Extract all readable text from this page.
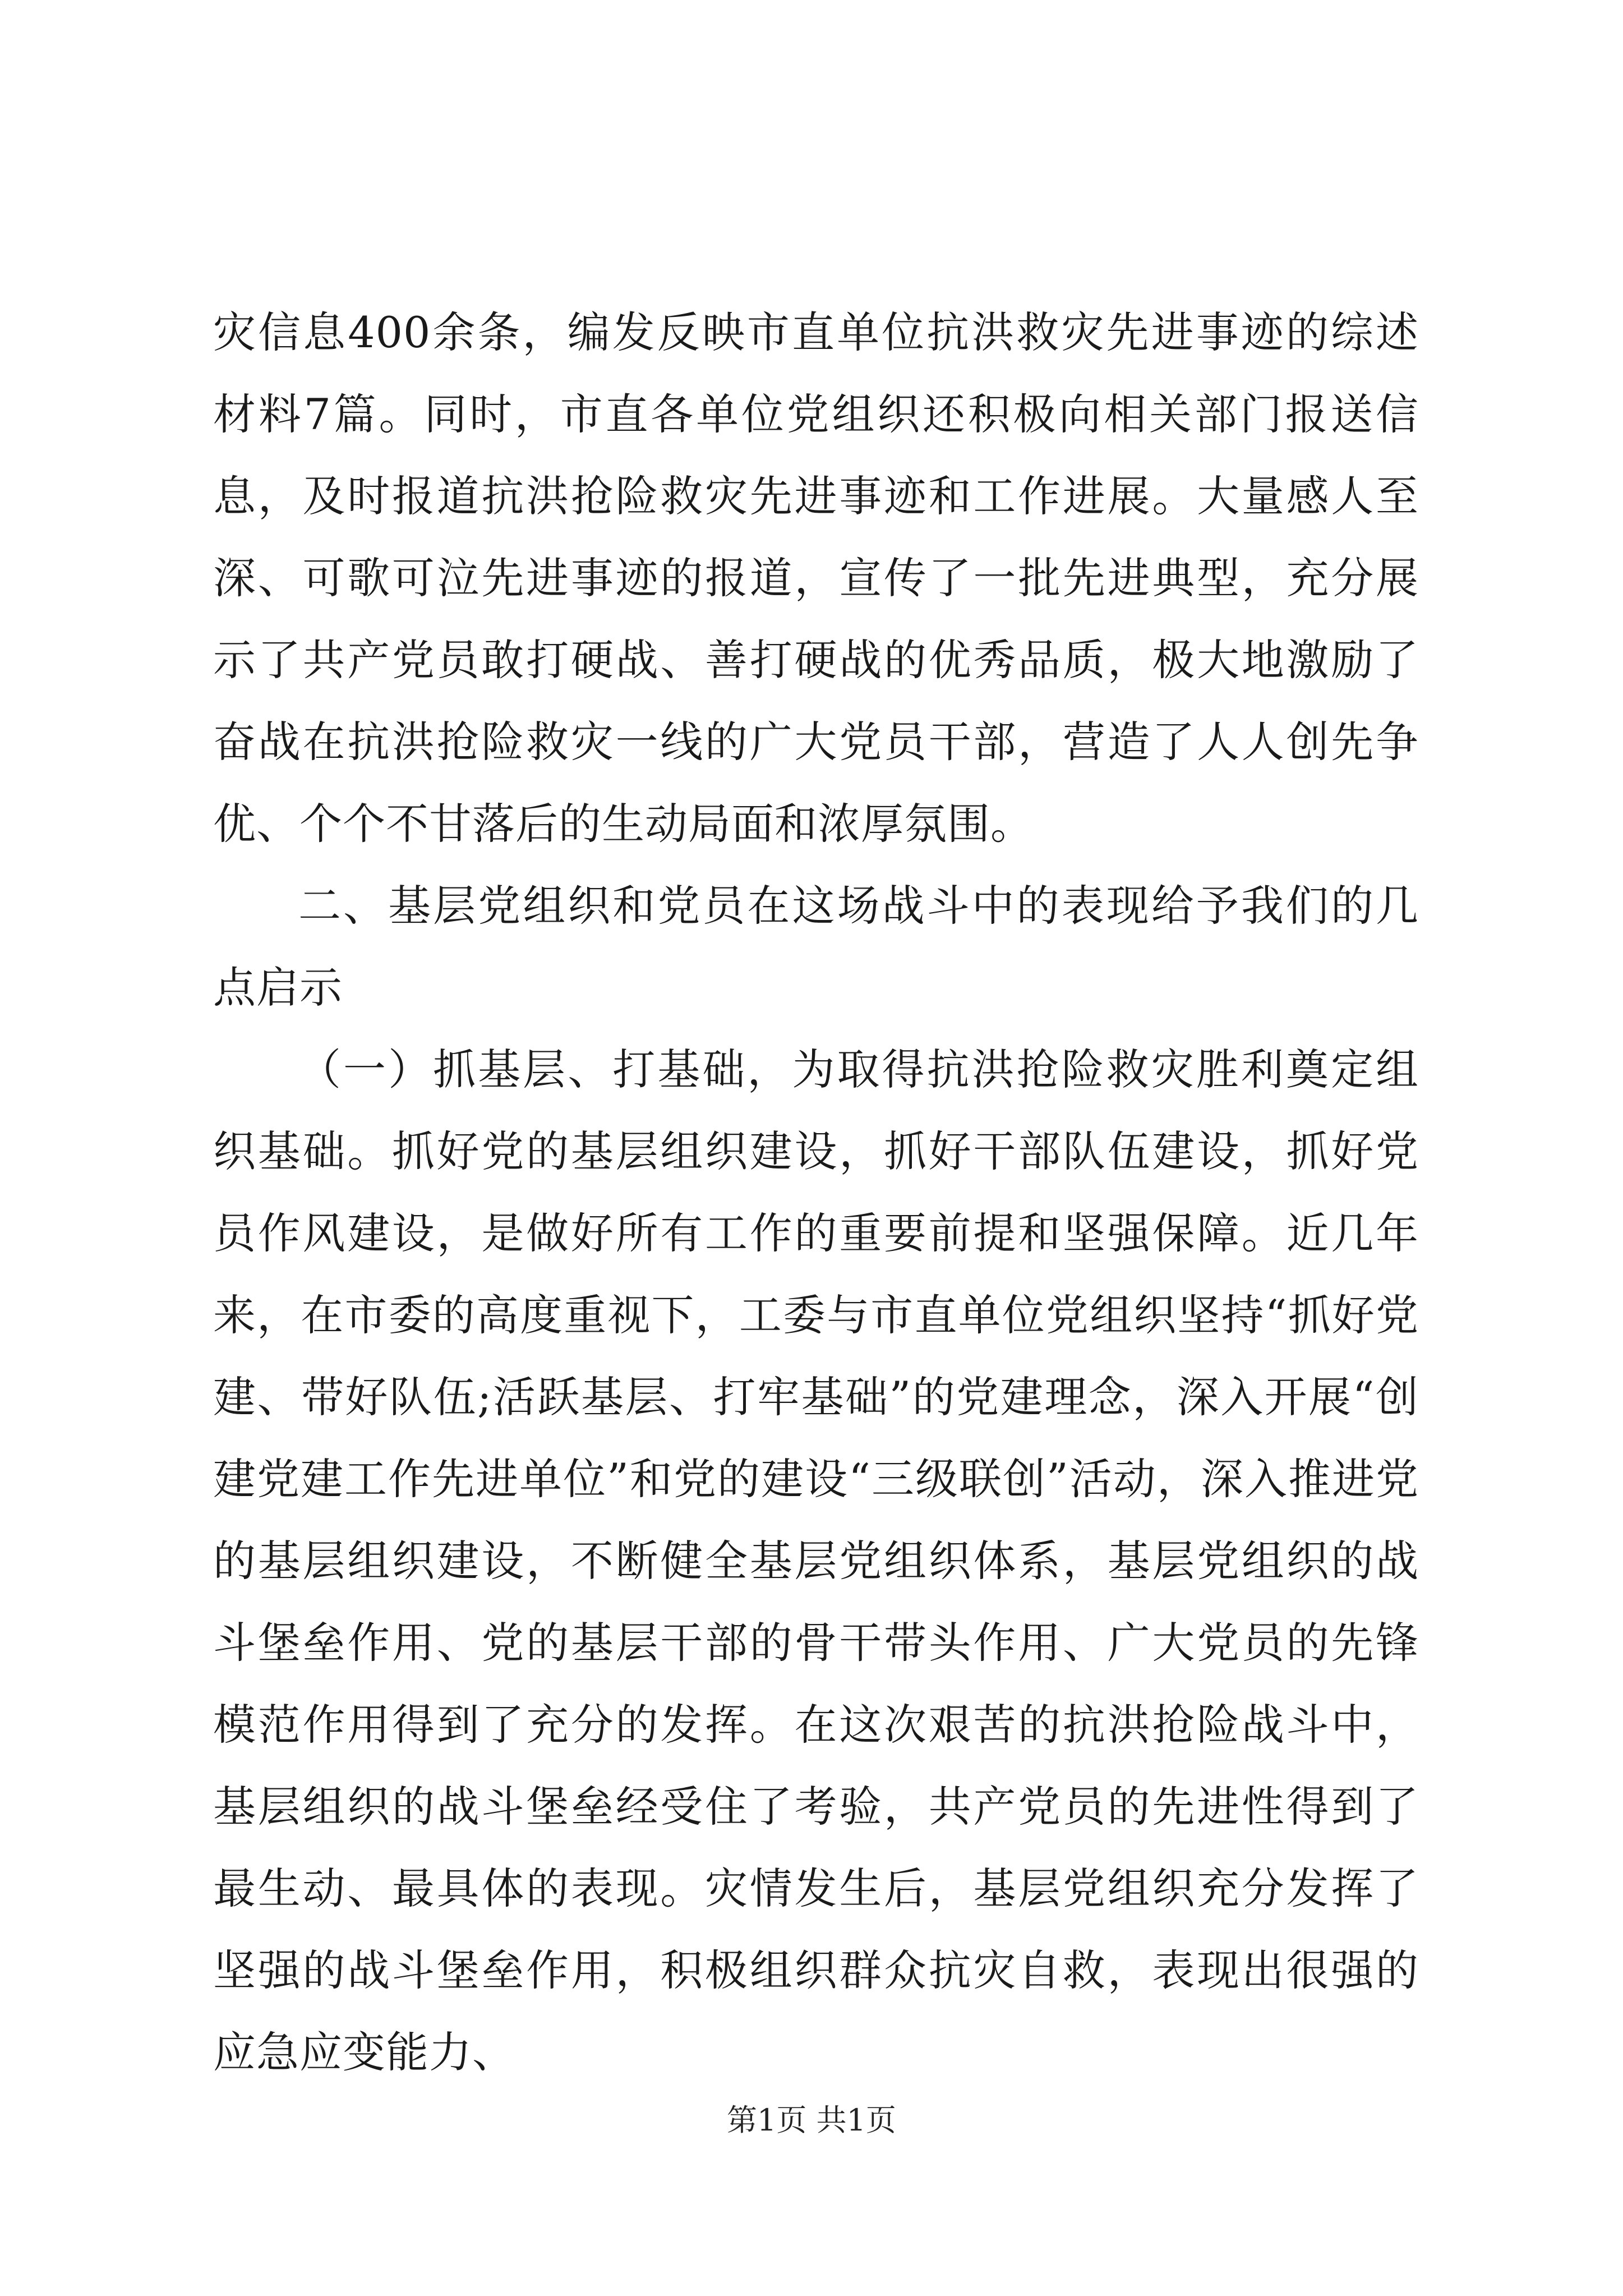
灾信息400余条，编发反映市直单位抗洪救灾先进事迹的综述材料7篇。同时，市直各单位党组织还积极向相关部门报送信息，及时报道抗洪抢险救灾先进事迹和工作进展。大量感人至深、可歌可泣先进事迹的报道，宣传了一批先进典型，充分展示了共产党员敢打硬战、善打硬战的优秀品质，极大地激励了奋战在抗洪抢险救灾一线的广大党员干部，营造了人人创先争优、个个不甘落后的生动局面和浓厚氛围。

二、基层党组织和党员在这场战斗中的表现给予我们的几点启示

（一）抓基层、打基础，为取得抗洪抢险救灾胜利奠定组织基础。抓好党的基层组织建设，抓好干部队伍建设，抓好党员作风建设，是做好所有工作的重要前提和坚强保障。近几年来，在市委的高度重视下，工委与市直单位党组织坚持“抓好党建、带好队伍;活跃基层、打牢基础”的党建理念，深入开展“创建党建工作先进单位”和党的建设“三级联创”活动，深入推进党的基层组织建设，不断健全基层党组织体系，基层党组织的战斗堡垒作用、党的基层干部的骨干带头作用、广大党员的先锋模范作用得到了充分的发挥。在这次艰苦的抗洪抢险战斗中，基层组织的战斗堡垒经受住了考验，共产党员的先进性得到了最生动、最具体的表现。灾情发生后，基层党组织充分发挥了坚强的战斗堡垒作用，积极组织群众抗灾自救，表现出很强的应急应变能力、

第1页 共1页
